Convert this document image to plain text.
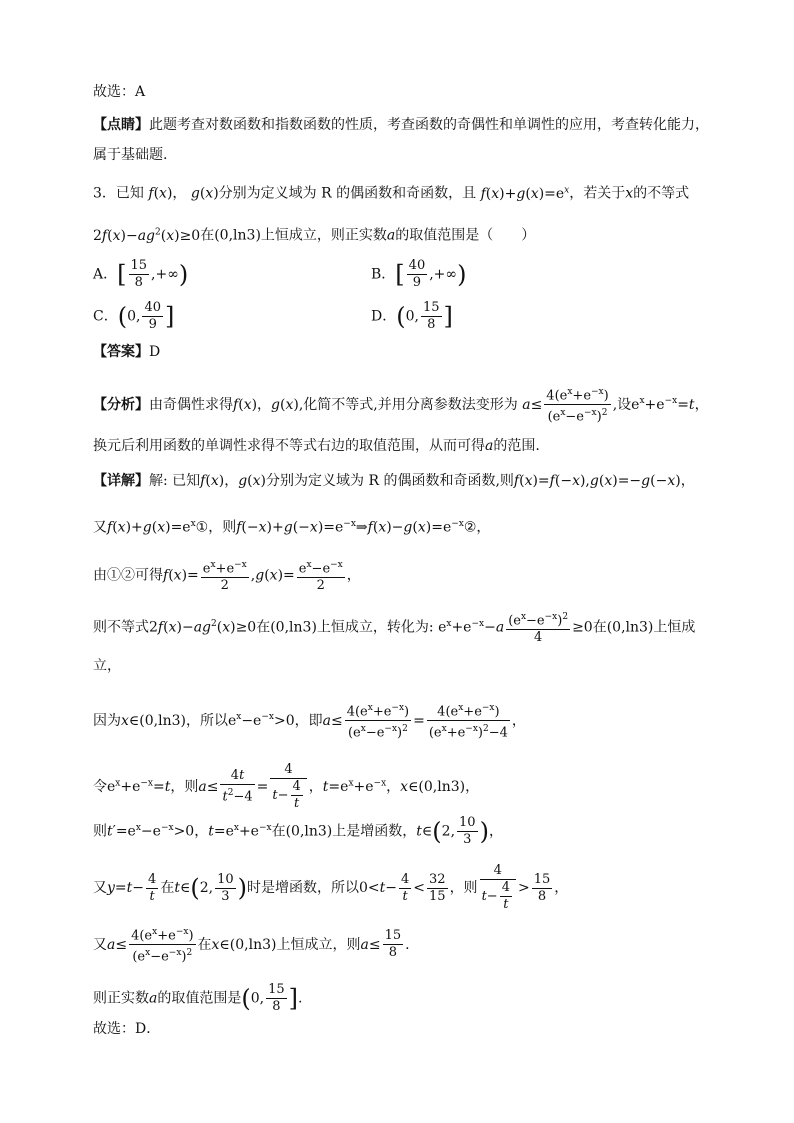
故选：A
【点睛】此题考查对数函数和指数函数的性质，考查函数的奇偶性和单调性的应用，考查转化能力，
属于基础题.
3．已知 f(x)， g(x)分别为定义域为 R 的偶函数和奇函数，且 $f(x)+g(x)=e^x$，若关于x的不等式
$2f(x)-ag^2(x)\ge 0$在(0,ln3)上恒成立，则正实数a的取值范围是（　　）
A．[ $\frac{15}{8}$ ,+∞)	B．[ $\frac{40}{9}$ ,+∞)
C．(0, $\frac{40}{9}$ ]	D．(0, $\frac{15}{8}$ ]
【答案】D
【分析】由奇偶性求得f(x)，g(x),化简不等式,并用分离参数法变形为 $a\le \frac{4(e^x+e^{-x})}{(e^x-e^{-x})^2}$ ,设$e^x+e^{-x}=t$，
换元后利用函数的单调性求得不等式右边的取值范围，从而可得a的范围.
【详解】解: 已知f(x)，g(x)分别为定义域为 R 的偶函数和奇函数,则f(x)=f(−x),g(x)=−g(−x)，
又$f(x)+g(x)=e^x①$，则$f(-x)+g(-x)=e^{-x}\Rightarrow f(x)-g(x)=e^{-x}②$，
由①②可得$f(x)= \frac{e^x+e^{-x}}{2} ,g(x)= \frac{e^x-e^{-x}}{2}$ ，
则不等式$2f(x)-ag^2(x)\ge 0$在(0,ln3)上恒成立，转化为: $e^x+e^{-x}-a \frac{(e^x-e^{-x})^2}{4} \ge 0$在(0,ln3)上恒成
立，
因为x∈(0,ln3)，所以$e^x-e^{-x}>0$，即$a\le \frac{4(e^x+e^{-x})}{(e^x-e^{-x})^2} = \frac{4(e^x+e^{-x})}{(e^x+e^{-x})^2-4}$ ，
令$e^x+e^{-x}=t$，则$a\le \frac{4t}{t^2-4} = \frac{4}{t- \frac{4}{t}}$ ，$t=e^x+e^{-x}$，x∈(0,ln3)，
则$t'=e^x-e^{-x}>0$，$t=e^x+e^{-x}$在(0,ln3)上是增函数，t∈(2, $\frac{10}{3}$ )，
又$y=t- \frac{4}{t}$ 在t∈(2, $\frac{10}{3}$ )时是增函数，所以$0<t- \frac{4}{t} < \frac{32}{15}$ ，则 $\frac{4}{t- \frac{4}{t}} > \frac{15}{8}$ ，
又$a\le \frac{4(e^x+e^{-x})}{(e^x-e^{-x})^2}$ 在x∈(0,ln3)上恒成立，则$a\le \frac{15}{8}$ .
则正实数a的取值范围是(0, $\frac{15}{8}$ ].
故选：D．
